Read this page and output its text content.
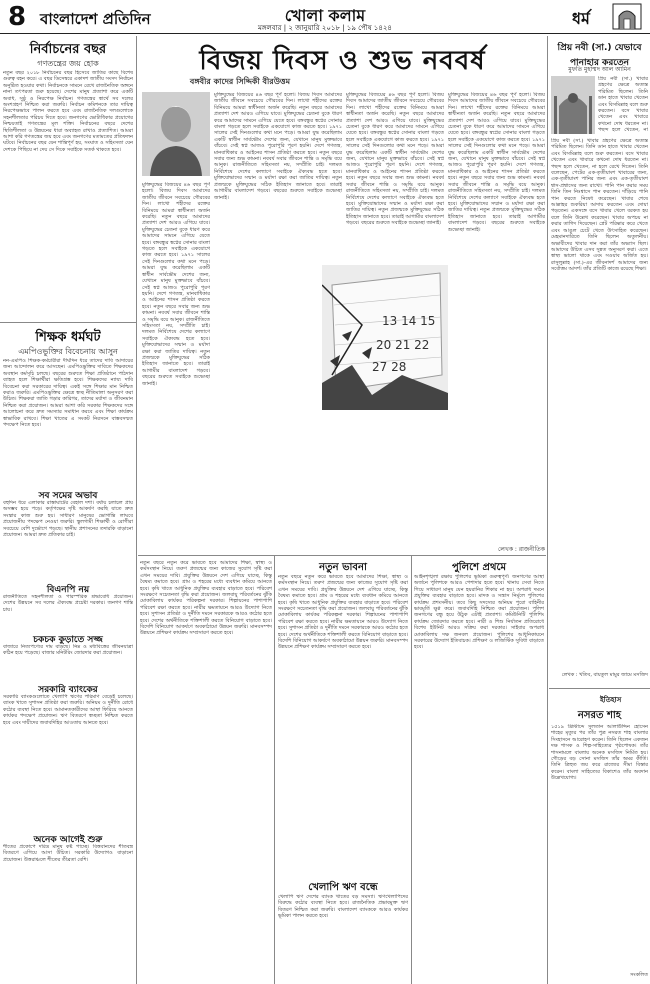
8 বাংলাদেশ প্রতিদিন	খোলা কলাম
মঙ্গলবার | ২ জানুয়ারি ২০১৮ | ১৯ পৌষ ১৪২৪	ধর্ম
নির্বাচনের বছর
গণতন্ত্রের জয় হোক
নতুন বছর ২০১৮ নির্বাচনের বছর হিসেবে জাতির কাছে বিশেষ গুরুত্ব বহন করে। এ বছর ডিসেম্বরে একাদশ জাতীয় সংসদ নির্বাচন অনুষ্ঠিত হওয়ার কথা। নির্বাচনকে সামনে রেখে রাজনৈতিক অঙ্গনে নানা তৎপরতা শুরু হয়েছে। দেশের মানুষ প্রত্যাশা করে একটি অবাধ, সুষ্ঠু ও নিরপেক্ষ নির্বাচন। গণতন্ত্রের স্বার্থে সব দলের অংশগ্রহণ নিশ্চিত করা জরুরি। নির্বাচন কমিশনকে তার দায়িত্ব নিরপেক্ষভাবে পালন করতে হবে এবং রাজনৈতিক দলগুলোকে সহনশীলতার পরিচয় দিতে হবে। জনগণের ভোটাধিকার প্রয়োগের নিশ্চয়তাই গণতন্ত্রের মূল শক্তি। নির্বাচনের বছরে দেশের স্থিতিশীলতা ও উন্নয়নের ধারা অব্যাহত রাখাও প্রত্যাশিত। আমরা আশা করি গণতন্ত্রের জয় হবে এবং জনগণের মতামতের প্রতিফলন ঘটবে। নির্বাচনের বছর যেন শান্তিপূর্ণ হয়, সংঘাত ও সহিংসতা যেন দেশকে পিছিয়ে না দেয় সে দিকে সবাইকে সতর্ক থাকতে হবে।
শিক্ষক ধর্মঘট
এমপিওভুক্তির বিবেচনায় আসুন
নন-এমপিও শিক্ষক-কর্মচারীরা দীর্ঘদিন ধরে তাদের দাবি আদায়ের জন্য আন্দোলন করে আসছেন। এমপিওভুক্তির দাবিতে শিক্ষকদের অবস্থান কর্মসূচি চলছে। বছরের শুরুতে শিক্ষা প্রতিষ্ঠানে পাঠদান ব্যাহত হলে শিক্ষার্থীরা ক্ষতিগ্রস্ত হবে। শিক্ষকদের ন্যায্য দাবি বিবেচনা করা সরকারের দায়িত্ব। একই সঙ্গে শিক্ষার মান নিশ্চিত করাও জরুরি। এমপিওভুক্তির ক্ষেত্রে স্বচ্ছ নীতিমালা অনুসরণ করা উচিত। শিক্ষকরা জাতি গড়ার কারিগর, তাদের মর্যাদা ও জীবনমান নিশ্চিত করা প্রয়োজন। আমরা আশা করি সরকার শিক্ষকদের সঙ্গে আলোচনা করে দ্রুত সমস্যার সমাধান করবে এবং শিক্ষা কার্যক্রম স্বাভাবিক রাখবে। শিক্ষা খাতের এ সংকট নিরসনে বাস্তবসম্মত পদক্ষেপ নিতে হবে।
সব সমের অভাব
বহুদিন ধরে এলাকার রাস্তাঘাটের বেহাল দশা। বর্ষায় চলাচল প্রায় অসম্ভব হয়ে পড়ে। কর্তৃপক্ষের দৃষ্টি আকর্ষণ করছি যাতে দ্রুত সংস্কার কাজ শুরু হয়। সাধারণ মানুষের ভোগান্তি লাঘবে প্রয়োজনীয় পদক্ষেপ নেওয়া জরুরি। স্কুলগামী শিক্ষার্থী ও রোগীরা সবচেয়ে বেশি দুর্ভোগে পড়ছে। স্থানীয় প্রশাসনের তদারকি বাড়ানো প্রয়োজন। আমরা দ্রুত প্রতিকার চাই।
বিএনপি নয়
রাজনীতিতে সহনশীলতা ও পারস্পরিক শ্রদ্ধাবোধ প্রয়োজন। দেশের উন্নয়নে সব দলের ঐক্যবদ্ধ প্রচেষ্টা দরকার। জনগণ শান্তি চায়।
চকচক কুড়াতে সজ্জ
বাজারে নিত্যপণ্যের দাম বাড়ছে। নিম্ন ও মধ্যবিত্তের জীবনযাত্রা কঠিন হয়ে পড়েছে। বাজার মনিটরিং জোরদার করা প্রয়োজন।
সরকারি ব্যাংকের
সরকারি ব্যাংকগুলোতে খেলাপি ঋণের পরিমাণ বেড়েই চলেছে। ব্যাংক খাতে সুশাসন প্রতিষ্ঠা করা জরুরি। অনিয়ম ও দুর্নীতি রোধে কঠোর ব্যবস্থা নিতে হবে। আমানতকারীদের আস্থা ফিরিয়ে আনতে কার্যকর পদক্ষেপ প্রয়োজন। ঋণ বিতরণে স্বচ্ছতা নিশ্চিত করতে হবে এবং দায়ীদের জবাবদিহির আওতায় আনতে হবে।
অনেক আগেই শুরু
শীতের প্রকোপে দরিদ্র মানুষ কষ্ট পাচ্ছে। বিত্তবানদের শীতবস্ত্র বিতরণে এগিয়ে আসা উচিত। সরকারি উদ্যোগও বাড়ানো প্রয়োজন। উত্তরাঞ্চলে শীতের তীব্রতা বেশি।
বিজয় দিবস ও শুভ নববর্ষ
বঙ্গবীর কাদের সিদ্দিকী বীরউত্তম
মুক্তিযুদ্ধের বিজয়ের ৪৬ বছর পূর্ণ হলো। বিজয় দিবস আমাদের জাতীয় জীবনে সবচেয়ে গৌরবের দিন। লাখো শহীদের রক্তের বিনিময়ে আমরা স্বাধীনতা অর্জন করেছি। নতুন বছরে আমাদের প্রত্যাশা দেশ আরও এগিয়ে যাবে। মুক্তিযুদ্ধের চেতনা বুকে ধারণ করে আমাদের সামনে এগিয়ে যেতে হবে। বঙ্গবন্ধুর স্বপ্নের সোনার বাংলা গড়তে হলে সবাইকে একযোগে কাজ করতে হবে। ১৯৭১ সালের সেই দিনগুলোর কথা মনে পড়ে। আমরা যুদ্ধ করেছিলাম একটি স্বাধীন সার্বভৌম দেশের জন্য, যেখানে মানুষ মুক্তভাবে বাঁচবে। সেই স্বপ্ন আজও পুরোপুরি পূরণ হয়নি। দেশে গণতন্ত্র, মানবাধিকার ও আইনের শাসন প্রতিষ্ঠা করতে হবে। নতুন বছরে সবার জন্য শুভ কামনা। নববর্ষ সবার জীবনে শান্তি ও সমৃদ্ধি বয়ে আনুক। রাজনীতিতে সহিংসতা নয়, সম্প্রীতি চাই। দলমত নির্বিশেষে দেশের কল্যাণে সবাইকে ঐক্যবদ্ধ হতে হবে। মুক্তিযোদ্ধাদের সম্মান ও মর্যাদা রক্ষা করা জাতির দায়িত্ব। নতুন প্রজন্মকে মুক্তিযুদ্ধের সঠিক ইতিহাস জানাতে হবে। তারাই আগামীর বাংলাদেশ গড়বে। বছরের শুরুতে সবাইকে শুভেচ্ছা জানাই।
মুক্তিযুদ্ধের বিজয়ের ৪৬ বছর পূর্ণ হলো। বিজয় দিবস আমাদের জাতীয় জীবনে সবচেয়ে গৌরবের দিন। লাখো শহীদের রক্তের বিনিময়ে আমরা স্বাধীনতা অর্জন করেছি। নতুন বছরে আমাদের প্রত্যাশা দেশ আরও এগিয়ে যাবে। মুক্তিযুদ্ধের চেতনা বুকে ধারণ করে আমাদের সামনে এগিয়ে যেতে হবে। বঙ্গবন্ধুর স্বপ্নের সোনার বাংলা গড়তে হলে সবাইকে একযোগে কাজ করতে হবে। ১৯৭১ সালের সেই দিনগুলোর কথা মনে পড়ে। আমরা যুদ্ধ করেছিলাম একটি স্বাধীন সার্বভৌম দেশের জন্য, যেখানে মানুষ মুক্তভাবে বাঁচবে। সেই স্বপ্ন আজও পুরোপুরি পূরণ হয়নি। দেশে গণতন্ত্র, মানবাধিকার ও আইনের শাসন প্রতিষ্ঠা করতে হবে। নতুন বছরে সবার জন্য শুভ কামনা। নববর্ষ সবার জীবনে শান্তি ও সমৃদ্ধি বয়ে আনুক। রাজনীতিতে সহিংসতা নয়, সম্প্রীতি চাই। দলমত নির্বিশেষে দেশের কল্যাণে সবাইকে ঐক্যবদ্ধ হতে হবে। মুক্তিযোদ্ধাদের সম্মান ও মর্যাদা রক্ষা করা জাতির দায়িত্ব। নতুন প্রজন্মকে মুক্তিযুদ্ধের সঠিক ইতিহাস জানাতে হবে। তারাই আগামীর বাংলাদেশ গড়বে। বছরের শুরুতে সবাইকে শুভেচ্ছা জানাই।
মুক্তিযুদ্ধের বিজয়ের ৪৬ বছর পূর্ণ হলো। বিজয় দিবস আমাদের জাতীয় জীবনে সবচেয়ে গৌরবের দিন। লাখো শহীদের রক্তের বিনিময়ে আমরা স্বাধীনতা অর্জন করেছি। নতুন বছরে আমাদের প্রত্যাশা দেশ আরও এগিয়ে যাবে। মুক্তিযুদ্ধের চেতনা বুকে ধারণ করে আমাদের সামনে এগিয়ে যেতে হবে। বঙ্গবন্ধুর স্বপ্নের সোনার বাংলা গড়তে হলে সবাইকে একযোগে কাজ করতে হবে। ১৯৭১ সালের সেই দিনগুলোর কথা মনে পড়ে। আমরা যুদ্ধ করেছিলাম একটি স্বাধীন সার্বভৌম দেশের জন্য, যেখানে মানুষ মুক্তভাবে বাঁচবে। সেই স্বপ্ন আজও পুরোপুরি পূরণ হয়নি। দেশে গণতন্ত্র, মানবাধিকার ও আইনের শাসন প্রতিষ্ঠা করতে হবে। নতুন বছরে সবার জন্য শুভ কামনা। নববর্ষ সবার জীবনে শান্তি ও সমৃদ্ধি বয়ে আনুক। রাজনীতিতে সহিংসতা নয়, সম্প্রীতি চাই। দলমত নির্বিশেষে দেশের কল্যাণে সবাইকে ঐক্যবদ্ধ হতে হবে। মুক্তিযোদ্ধাদের সম্মান ও মর্যাদা রক্ষা করা জাতির দায়িত্ব। নতুন প্রজন্মকে মুক্তিযুদ্ধের সঠিক ইতিহাস জানাতে হবে। তারাই আগামীর বাংলাদেশ গড়বে। বছরের শুরুতে সবাইকে শুভেচ্ছা জানাই।
মুক্তিযুদ্ধের বিজয়ের ৪৬ বছর পূর্ণ হলো। বিজয় দিবস আমাদের জাতীয় জীবনে সবচেয়ে গৌরবের দিন। লাখো শহীদের রক্তের বিনিময়ে আমরা স্বাধীনতা অর্জন করেছি। নতুন বছরে আমাদের প্রত্যাশা দেশ আরও এগিয়ে যাবে। মুক্তিযুদ্ধের চেতনা বুকে ধারণ করে আমাদের সামনে এগিয়ে যেতে হবে। বঙ্গবন্ধুর স্বপ্নের সোনার বাংলা গড়তে হলে সবাইকে একযোগে কাজ করতে হবে। ১৯৭১ সালের সেই দিনগুলোর কথা মনে পড়ে। আমরা যুদ্ধ করেছিলাম একটি স্বাধীন সার্বভৌম দেশের জন্য, যেখানে মানুষ মুক্তভাবে বাঁচবে। সেই স্বপ্ন আজও পুরোপুরি পূরণ হয়নি। দেশে গণতন্ত্র, মানবাধিকার ও আইনের শাসন প্রতিষ্ঠা করতে হবে। নতুন বছরে সবার জন্য শুভ কামনা। নববর্ষ সবার জীবনে শান্তি ও সমৃদ্ধি বয়ে আনুক। রাজনীতিতে সহিংসতা নয়, সম্প্রীতি চাই। দলমত নির্বিশেষে দেশের কল্যাণে সবাইকে ঐক্যবদ্ধ হতে হবে। মুক্তিযোদ্ধাদের সম্মান ও মর্যাদা রক্ষা করা জাতির দায়িত্ব। নতুন প্রজন্মকে মুক্তিযুদ্ধের সঠিক ইতিহাস জানাতে হবে। তারাই আগামীর বাংলাদেশ গড়বে। বছরের শুরুতে সবাইকে শুভেচ্ছা জানাই।
লেখক : রাজনীতিক
13 14 15
20 21 22
27 28
নতুন ভাবনা
নতুন বছরে নতুন করে ভাবতে হবে আমাদের শিক্ষা, স্বাস্থ্য ও কর্মসংস্থান নিয়ে। তরুণ প্রজন্মের জন্য কাজের সুযোগ সৃষ্টি করা এখন সময়ের দাবি। প্রযুক্তির উন্নয়নে দেশ এগিয়ে যাচ্ছে, কিন্তু বৈষম্য কমাতে হবে। গ্রাম ও শহরের মধ্যে ব্যবধান কমিয়ে আনতে হবে। কৃষি খাতে আধুনিক প্রযুক্তির ব্যবহার বাড়াতে হবে। পরিবেশ সংরক্ষণে সচেতনতা বৃদ্ধি করা প্রয়োজন। জলবায়ু পরিবর্তনের ঝুঁকি মোকাবিলায় কার্যকর পরিকল্পনা দরকার। শিল্পায়নের পাশাপাশি পরিবেশ রক্ষা করতে হবে। নারীর ক্ষমতায়নে আরও উদ্যোগ নিতে হবে। সুশাসন প্রতিষ্ঠা ও দুর্নীতি দমনে সরকারকে আরও কঠোর হতে হবে। দেশের অর্থনীতিকে শক্তিশালী করতে বিনিয়োগ বাড়াতে হবে। বিদেশি বিনিয়োগ আকর্ষণে অবকাঠামো উন্নয়ন জরুরি। মানবসম্পদ উন্নয়নে প্রশিক্ষণ কার্যক্রম সম্প্রসারণ করতে হবে।
নতুন বছরে নতুন করে ভাবতে হবে আমাদের শিক্ষা, স্বাস্থ্য ও কর্মসংস্থান নিয়ে। তরুণ প্রজন্মের জন্য কাজের সুযোগ সৃষ্টি করা এখন সময়ের দাবি। প্রযুক্তির উন্নয়নে দেশ এগিয়ে যাচ্ছে, কিন্তু বৈষম্য কমাতে হবে। গ্রাম ও শহরের মধ্যে ব্যবধান কমিয়ে আনতে হবে। কৃষি খাতে আধুনিক প্রযুক্তির ব্যবহার বাড়াতে হবে। পরিবেশ সংরক্ষণে সচেতনতা বৃদ্ধি করা প্রয়োজন। জলবায়ু পরিবর্তনের ঝুঁকি মোকাবিলায় কার্যকর পরিকল্পনা দরকার। শিল্পায়নের পাশাপাশি পরিবেশ রক্ষা করতে হবে। নারীর ক্ষমতায়নে আরও উদ্যোগ নিতে হবে। সুশাসন প্রতিষ্ঠা ও দুর্নীতি দমনে সরকারকে আরও কঠোর হতে হবে। দেশের অর্থনীতিকে শক্তিশালী করতে বিনিয়োগ বাড়াতে হবে। বিদেশি বিনিয়োগ আকর্ষণে অবকাঠামো উন্নয়ন জরুরি। মানবসম্পদ উন্নয়নে প্রশিক্ষণ কার্যক্রম সম্প্রসারণ করতে হবে।
পুলিশে প্রথমে
আইনশৃঙ্খলা রক্ষায় পুলিশের ভূমিকা গুরুত্বপূর্ণ। জনগণের আস্থা অর্জনে পুলিশকে আরও পেশাদার হতে হবে। থানায় সেবা নিতে গিয়ে সাধারণ মানুষ যেন হয়রানির শিকার না হয়। অপরাধ দমনে প্রযুক্তির ব্যবহার বাড়াতে হবে। মাদক ও সন্ত্রাস নির্মূলে পুলিশের কার্যক্রম প্রশংসনীয়। তবে কিছু সদস্যের অনিয়ম পুরো বাহিনীর ভাবমূর্তি ক্ষুণ্ণ করে। জবাবদিহি নিশ্চিত করা প্রয়োজন। পুলিশ জনগণের বন্ধু হয়ে উঠুক এটাই প্রত্যাশা। কমিউনিটি পুলিশিং কার্যক্রম জোরদার করতে হবে। নারী ও শিশু নির্যাতন প্রতিরোধে বিশেষ ইউনিট আরও সক্রিয় করা দরকার। সাইবার অপরাধ মোকাবিলায় দক্ষ জনবল প্রয়োজন। পুলিশের আধুনিকায়নে সরকারের উদ্যোগ ইতিবাচক। প্রশিক্ষণ ও লজিস্টিক সুবিধা বাড়াতে হবে।
খেলাপি ঋণ বন্ধে
খেলাপি ঋণ দেশের ব্যাংক খাতের বড় সমস্যা। ঋণখেলাপিদের বিরুদ্ধে কঠোর ব্যবস্থা নিতে হবে। রাজনৈতিক প্রভাবমুক্ত ঋণ বিতরণ নিশ্চিত করা জরুরি। বাংলাদেশ ব্যাংককে আরও কার্যকর ভূমিকা পালন করতে হবে।
প্রিয় নবী (সা.) যেভাবে পানাহার করতেন
মুফতি মুহাম্মদ আল আমিন
প্রিয় নবী (সা.) খাবার গ্রহণের ক্ষেত্রে অত্যন্ত পরিমিত ছিলেন। তিনি ডান হাতে খাবার খেতেন এবং বিসমিল্লাহ বলে শুরু করতেন। বসে খাবার খেতেন এবং খাবারে কখনো দোষ ধরতেন না। পছন্দ হলে খেতেন, না
প্রিয় নবী (সা.) খাবার গ্রহণের ক্ষেত্রে অত্যন্ত পরিমিত ছিলেন। তিনি ডান হাতে খাবার খেতেন এবং বিসমিল্লাহ বলে শুরু করতেন। বসে খাবার খেতেন এবং খাবারে কখনো দোষ ধরতেন না। পছন্দ হলে খেতেন, না হলে রেখে দিতেন। তিনি বলেছেন, পেটের এক-তৃতীয়াংশ খাবারের জন্য, এক-তৃতীয়াংশ পানির জন্য এবং এক-তৃতীয়াংশ শ্বাস-প্রশ্বাসের জন্য রাখো। পানি পান করার সময় তিনি তিন নিঃশ্বাসে পান করতেন। দাঁড়িয়ে পানি পান করতে নিষেধ করেছেন। খাবার শেষে আল্লাহর শুকরিয়া আদায় করতেন এবং দোয়া পড়তেন। একসঙ্গে বসে খাবার খেলে বরকত হয় বলে তিনি উল্লেখ করেছেন। খাবার অপচয় না করার তাগিদ দিয়েছেন। প্লেট পরিষ্কার করে খেতে এবং আঙুল চেটে খেতে উৎসাহিত করেছেন। মেহমানদারিতে তিনি ছিলেন অতুলনীয়। অভাবীদের খাবার দান করা তাঁর অভ্যাস ছিল। আমাদের উচিত এসব সুন্নত অনুসরণ করা। এতে স্বাস্থ্য ভালো থাকে এবং সওয়াব অর্জিত হয়। রাসুলুল্লাহ (সা.)-এর জীবনাদর্শ আমাদের জন্য সর্বোত্তম আদর্শ। তাঁর প্রতিটি কাজে রয়েছে শিক্ষা।
লেখক : খতিব, বায়তুল মামুর জামে মসজিদ
ইতিহাস
নসরত শাহ
১৫১৯ খ্রিস্টাব্দে সুলতান আলাউদ্দিন হোসেন শাহের মৃত্যুর পর তাঁর পুত্র নসরত শাহ বাংলার সিংহাসনে আরোহণ করেন। তিনি ছিলেন একজন দক্ষ শাসক ও শিল্প-সাহিত্যের পৃষ্ঠপোষক। তাঁর শাসনামলে বাংলায় অনেক মসজিদ নির্মিত হয়। গৌড়ের বড় সোনা মসজিদ তাঁর অমর কীর্তি। তিনি ত্রিহুত জয় করে রাজ্যের সীমা বিস্তার করেন। বাংলা সাহিত্যের বিকাশেও তাঁর অবদান উল্লেখযোগ্য।
সংকলিত
